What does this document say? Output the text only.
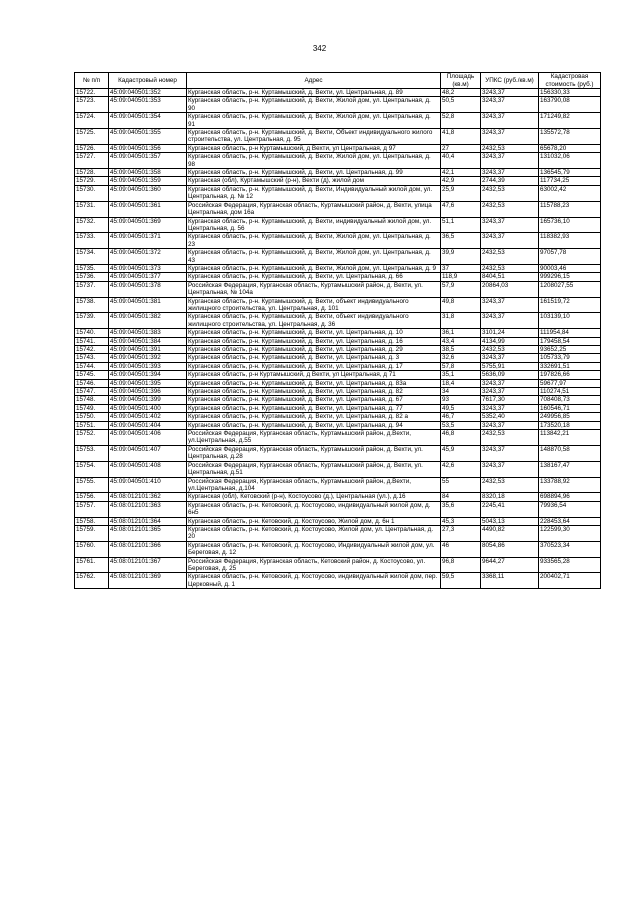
342
№ п/п	Кадастровый номер	Адрес	Площадь (кв.м)	УПКС (руб./кв.м)	Кадастровая стоимость (руб.)
15722.	45:09:040501:352	Курганская область, р-н. Куртамышский, д. Вехти, ул. Центральная, д. 89	48,2	3243,37	156330,33
15723.	45:09:040501:353	Курганская область, р-н. Куртамышский, д. Вехти, Жилой дом, ул. Центральная, д. 90	50,5	3243,37	163790,08
15724.	45:09:040501:354	Курганская область, р-н. Куртамышский, д. Вехти, Жилой дом, ул. Центральная, д. 91	52,8	3243,37	171249,82
15725.	45:09:040501:355	Курганская область, р-н. Куртамышский, д. Вехти, Объект индивидуального жилого строительства, ул. Центральная, д. 95	41,8	3243,37	135572,78
15726.	45:09:040501:356	Курганская область, р-н Куртамышский, д Вехти, ул Центральная, д 97	27	2432,53	65678,20
15727.	45:09:040501:357	Курганская область, р-н. Куртамышский, д. Вехти, Жилой дом, ул. Центральная, д. 98	40,4	3243,37	131032,06
15728.	45:09:040501:358	Курганская область, р-н. Куртамышский, д. Вехти, ул. Центральная, д. 99	42,1	3243,37	136545,79
15729.	45:09:040501:359	Курганская (обл), Куртамышский (р-н), Вехти (д), жилой дом	42,9	2744,39	117734,25
15730.	45:09:040501:360	Курганская область, р-н. Куртамышский, д. Вехти, Индивидуальный жилой дом, ул. Центральная, д. № 12	25,9	2432,53	63002,42
15731.	45:09:040501:361	Российская Федерация, Курганская область, Куртамышский район, д. Вехти, улица Центральная, дом 16а	47,6	2432,53	115788,23
15732.	45:09:040501:369	Курганская область, р-н. Куртамышский, д. Вехти, индивидуальный жилой дом, ул. Центральная, д. 56	51,1	3243,37	165736,10
15733.	45:09:040501:371	Курганская область, р-н. Куртамышский, д. Вехти, Жилой дом, ул. Центральная, д. 23	36,5	3243,37	118382,93
15734.	45:09:040501:372	Курганская область, р-н. Куртамышский, д. Вехти, Жилой дом, ул. Центральная, д. 43	39,9	2432,53	97057,78
15735.	45:09:040501:373	Курганская область, р-н. Куртамышский, д. Вехти, Жилой дом, ул. Центральная, д. 9	37	2432,53	90003,46
15736.	45:09:040501:377	Курганская область, р-н. Куртамышский, д. Вехти, ул. Центральная, д. 66	118,9	8404,51	999296,15
15737.	45:09:040501:378	Российская Федерация, Курганская область, Куртамышский район, д. Вехти, ул. Центральная, № 104а	57,9	20864,03	1208027,55
15738.	45:09:040501:381	Курганская область, р-н. Куртамышский, д. Вехти, объект индивидуального жилищного строительства, ул. Центральная, д. 101	49,8	3243,37	161519,72
15739.	45:09:040501:382	Курганская область, р-н. Куртамышский, д. Вехти, объект индивидуального жилищного строительства, ул. Центральная, д. 36	31,8	3243,37	103139,10
15740.	45:09:040501:383	Курганская область, р-н. Куртамышский, д. Вехти, ул. Центральная, д. 10	36,1	3101,24	111954,84
15741.	45:09:040501:384	Курганская область, р-н. Куртамышский, д. Вехти, ул. Центральная, д. 16	43,4	4134,99	179458,54
15742.	45:09:040501:391	Курганская область, р-н. Куртамышский, д. Вехти, ул. Центральная, д. 29	38,5	2432,53	93652,25
15743.	45:09:040501:392	Курганская область, р-н. Куртамышский, д. Вехти, ул. Центральная, д. 3	32,6	3243,37	105733,79
15744.	45:09:040501:393	Курганская область, р-н. Куртамышский, д. Вехти, ул. Центральная, д. 17	57,8	5755,91	332691,51
15745.	45:09:040501:394	Курганская область, р-н Куртамышский, д Вехти, ул Центральная, д 71	35,1	5636,09	197826,66
15746.	45:09:040501:395	Курганская область, р-н. Куртамышский, д. Вехти, ул. Центральная, д. 83а	18,4	3243,37	59677,97
15747.	45:09:040501:396	Курганская область, р-н. Куртамышский, д. Вехти, ул. Центральная, д. 82	34	3243,37	110274,51
15748.	45:09:040501:399	Курганская область, р-н. Куртамышский, д. Вехти, ул. Центральная, д. 67	93	7617,30	708408,73
15749.	45:09:040501:400	Курганская область, р-н. Куртамышский, д. Вехти, ул. Центральная, д. 77	49,5	3243,37	160546,71
15750.	45:09:040501:402	Курганская область, р-н. Куртамышский, д. Вехти, ул. Центральная, д. 82 а	46,7	5352,40	249956,85
15751.	45:09:040501:404	Курганская область, р-н. Куртамышский, д. Вехти, ул. Центральная, д. 94	53,5	3243,37	173520,18
15752.	45:09:040501:406	Российская Федерация, Курганская область, Куртамышский район, д.Вехти, ул.Центральная, д.55	46,8	2432,53	113842,21
15753.	45:09:040501:407	Российская Федерация, Курганская область, Куртамышский район, д. Вехти, ул. Центральная, д.28	45,9	3243,37	148870,58
15754.	45:09:040501:408	Российская Федерация, Курганская область, Куртамышский район, д. Вехти, ул. Центральная, д.51	42,6	3243,37	138167,47
15755.	45:09:040501:410	Российская Федерация, Курганская область, Куртамышский район, д.Вехти, ул.Центральная, д.104	55	2432,53	133788,92
15756.	45:08:012101:362	Курганская (обл), Кетовский (р-н), Костоусово (д.), Центральная (ул.), д.16	84	8320,18	698894,96
15757.	45:08:012101:363	Курганская область, р-н. Кетовский, д. Костоусово, индивидуальный жилой дом, д. 6н5	35,6	2245,41	79936,54
15758.	45:08:012101:364	Курганская область, р-н. Кетовский, д. Костоусово, Жилой дом, д. 6н 1	45,3	5043,13	228453,64
15759.	45:08:012101:365	Курганская область, р-н. Кетовский, д. Костоусово, Жилой дом, ул. Центральная, д. 20	27,3	4490,82	122599,30
15760.	45:08:012101:366	Курганская область, р-н. Кетовский, д. Костоусово, Индивидуальный жилой дом, ул. Береговая, д. 12	46	8054,86	370523,34
15761.	45:08:012101:367	Российская Федерация, Курганская область, Кетовский район, д. Костоусово, ул. Береговая, д. 25	96,8	9644,27	933565,28
15762.	45:08:012101:369	Курганская область, р-н. Кетовский, д. Костоусово, индивидуальный жилой дом, пер. Церковный, д. 1	59,5	3368,11	200402,71
